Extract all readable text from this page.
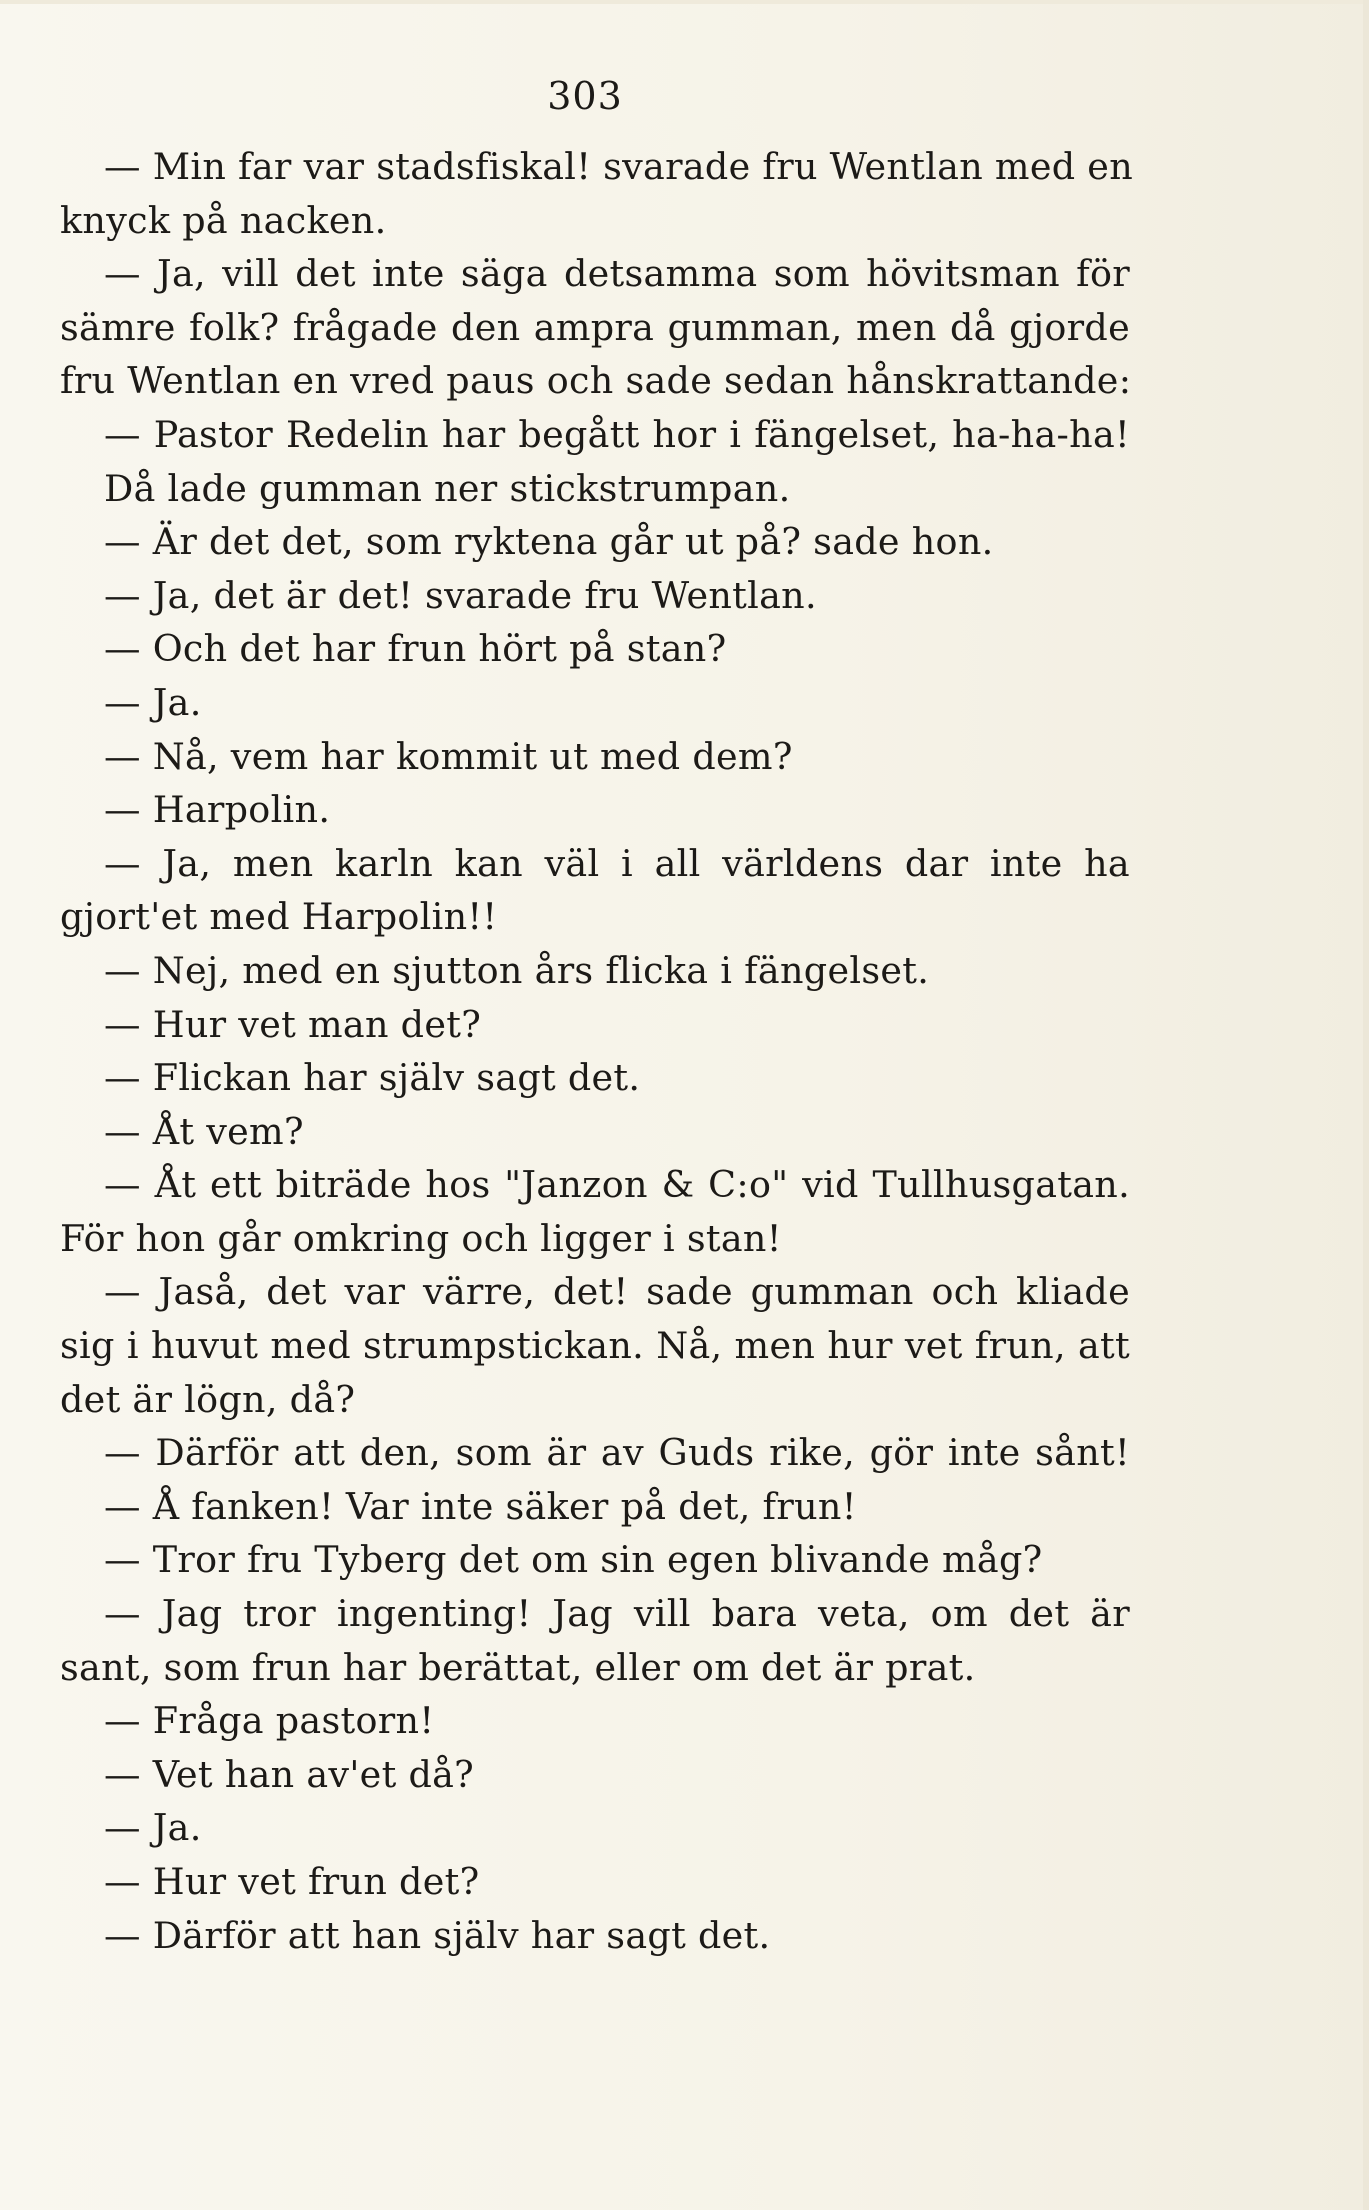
303
— Min far var stadsfiskal! svarade fru Wentlan med en
knyck på nacken.
— Ja, vill det inte säga detsamma som hövitsman för
sämre folk? frågade den ampra gumman, men då gjorde
fru Wentlan en vred paus och sade sedan hånskrattande:
— Pastor Redelin har begått hor i fängelset, ha-ha-ha!
Då lade gumman ner stickstrumpan.
— Är det det, som ryktena går ut på? sade hon.
— Ja, det är det! svarade fru Wentlan.
— Och det har frun hört på stan?
— Ja.
— Nå, vem har kommit ut med dem?
— Harpolin.
— Ja, men karln kan väl i all världens dar inte ha
gjort'et med Harpolin!!
— Nej, med en sjutton års flicka i fängelset.
— Hur vet man det?
— Flickan har själv sagt det.
— Åt vem?
— Åt ett biträde hos "Janzon & C:o" vid Tullhusgatan.
För hon går omkring och ligger i stan!
— Jaså, det var värre, det! sade gumman och kliade
sig i huvut med strumpstickan. Nå, men hur vet frun, att
det är lögn, då?
— Därför att den, som är av Guds rike, gör inte sånt!
— Å fanken! Var inte säker på det, frun!
— Tror fru Tyberg det om sin egen blivande måg?
— Jag tror ingenting! Jag vill bara veta, om det är
sant, som frun har berättat, eller om det är prat.
— Fråga pastorn!
— Vet han av'et då?
— Ja.
— Hur vet frun det?
— Därför att han själv har sagt det.
